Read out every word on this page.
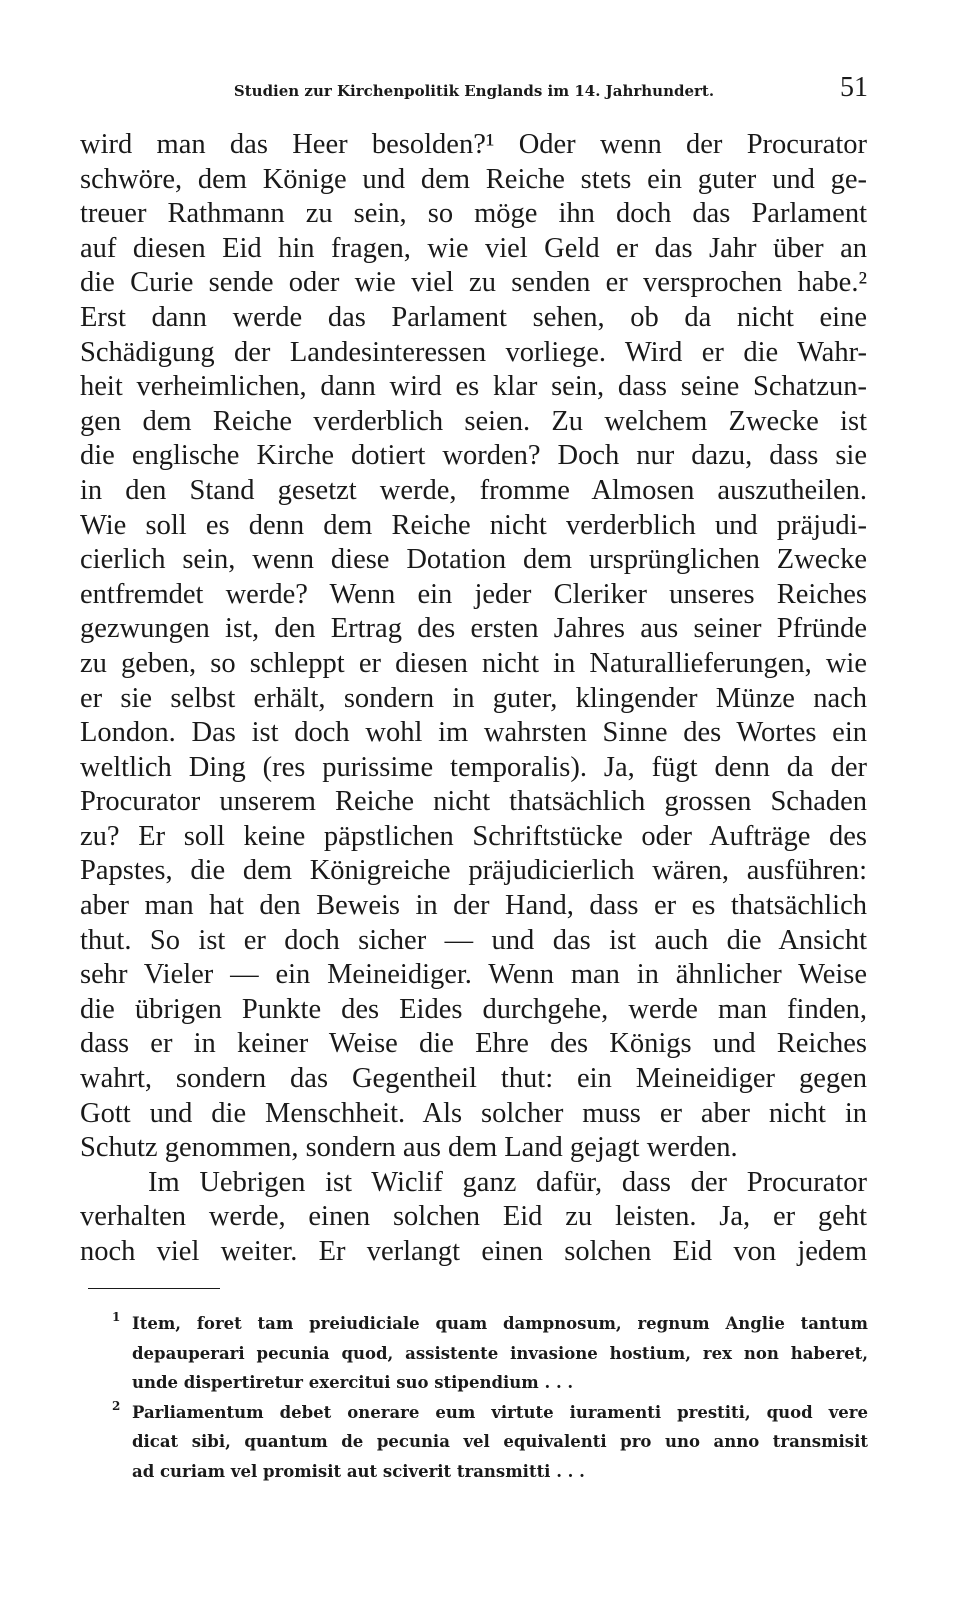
Studien zur Kirchenpolitik Englands im 14. Jahrhundert.	51
wird man das Heer besolden?¹ Oder wenn der Procurator
schwöre, dem Könige und dem Reiche stets ein guter und ge-
treuer Rathmann zu sein, so möge ihn doch das Parlament
auf diesen Eid hin fragen, wie viel Geld er das Jahr über an
die Curie sende oder wie viel zu senden er versprochen habe.²
Erst dann werde das Parlament sehen, ob da nicht eine
Schädigung der Landesinteressen vorliege. Wird er die Wahr-
heit verheimlichen, dann wird es klar sein, dass seine Schatzun-
gen dem Reiche verderblich seien. Zu welchem Zwecke ist
die englische Kirche dotiert worden? Doch nur dazu, dass sie
in den Stand gesetzt werde, fromme Almosen auszutheilen.
Wie soll es denn dem Reiche nicht verderblich und präjudi-
cierlich sein, wenn diese Dotation dem ursprünglichen Zwecke
entfremdet werde? Wenn ein jeder Cleriker unseres Reiches
gezwungen ist, den Ertrag des ersten Jahres aus seiner Pfründe
zu geben, so schleppt er diesen nicht in Naturallieferungen, wie
er sie selbst erhält, sondern in guter, klingender Münze nach
London. Das ist doch wohl im wahrsten Sinne des Wortes ein
weltlich Ding (res purissime temporalis). Ja, fügt denn da der
Procurator unserem Reiche nicht thatsächlich grossen Schaden
zu? Er soll keine päpstlichen Schriftstücke oder Aufträge des
Papstes, die dem Königreiche präjudicierlich wären, ausführen:
aber man hat den Beweis in der Hand, dass er es thatsächlich
thut. So ist er doch sicher — und das ist auch die Ansicht
sehr Vieler — ein Meineidiger. Wenn man in ähnlicher Weise
die übrigen Punkte des Eides durchgehe, werde man finden,
dass er in keiner Weise die Ehre des Königs und Reiches
wahrt, sondern das Gegentheil thut: ein Meineidiger gegen
Gott und die Menschheit. Als solcher muss er aber nicht in
Schutz genommen, sondern aus dem Land gejagt werden.
Im Uebrigen ist Wiclif ganz dafür, dass der Procurator
verhalten werde, einen solchen Eid zu leisten. Ja, er geht
noch viel weiter. Er verlangt einen solchen Eid von jedem
1 Item, foret tam preiudiciale quam dampnosum, regnum Anglie tantum
depauperari pecunia quod, assistente invasione hostium, rex non haberet,
unde dispertiretur exercitui suo stipendium . . .
2 Parliamentum debet onerare eum virtute iuramenti prestiti, quod vere
dicat sibi, quantum de pecunia vel equivalenti pro uno anno transmisit
ad curiam vel promisit aut sciverit transmitti . . .
